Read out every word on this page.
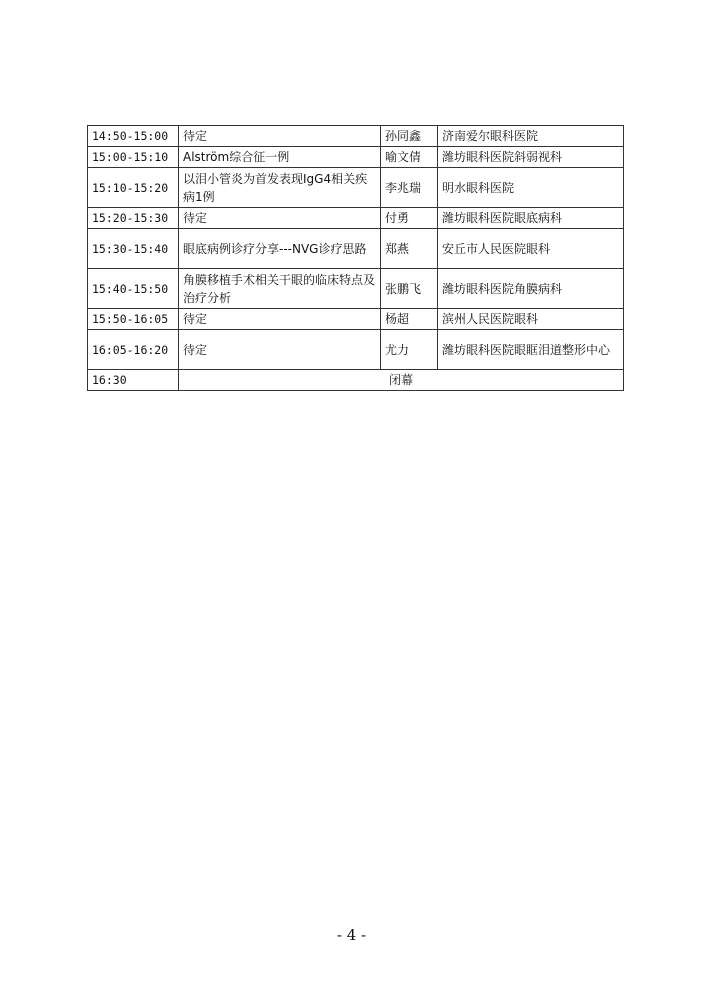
14:50-15:00	待定	孙同鑫	济南爱尔眼科医院
15:00-15:10	Alström综合征一例	喻文倩	潍坊眼科医院斜弱视科
15:10-15:20	以泪小管炎为首发表现IgG4相关疾病1例	李兆瑞	明水眼科医院
15:20-15:30	待定	付勇	潍坊眼科医院眼底病科
15:30-15:40	眼底病例诊疗分享---NVG诊疗思路	郑燕	安丘市人民医院眼科
15:40-15:50	角膜移植手术相关干眼的临床特点及治疗分析	张鹏飞	潍坊眼科医院角膜病科
15:50-16:05	待定	杨超	滨州人民医院眼科
16:05-16:20	待定	尤力	潍坊眼科医院眼眶泪道整形中心
16:30	闭幕		
- 4 -
